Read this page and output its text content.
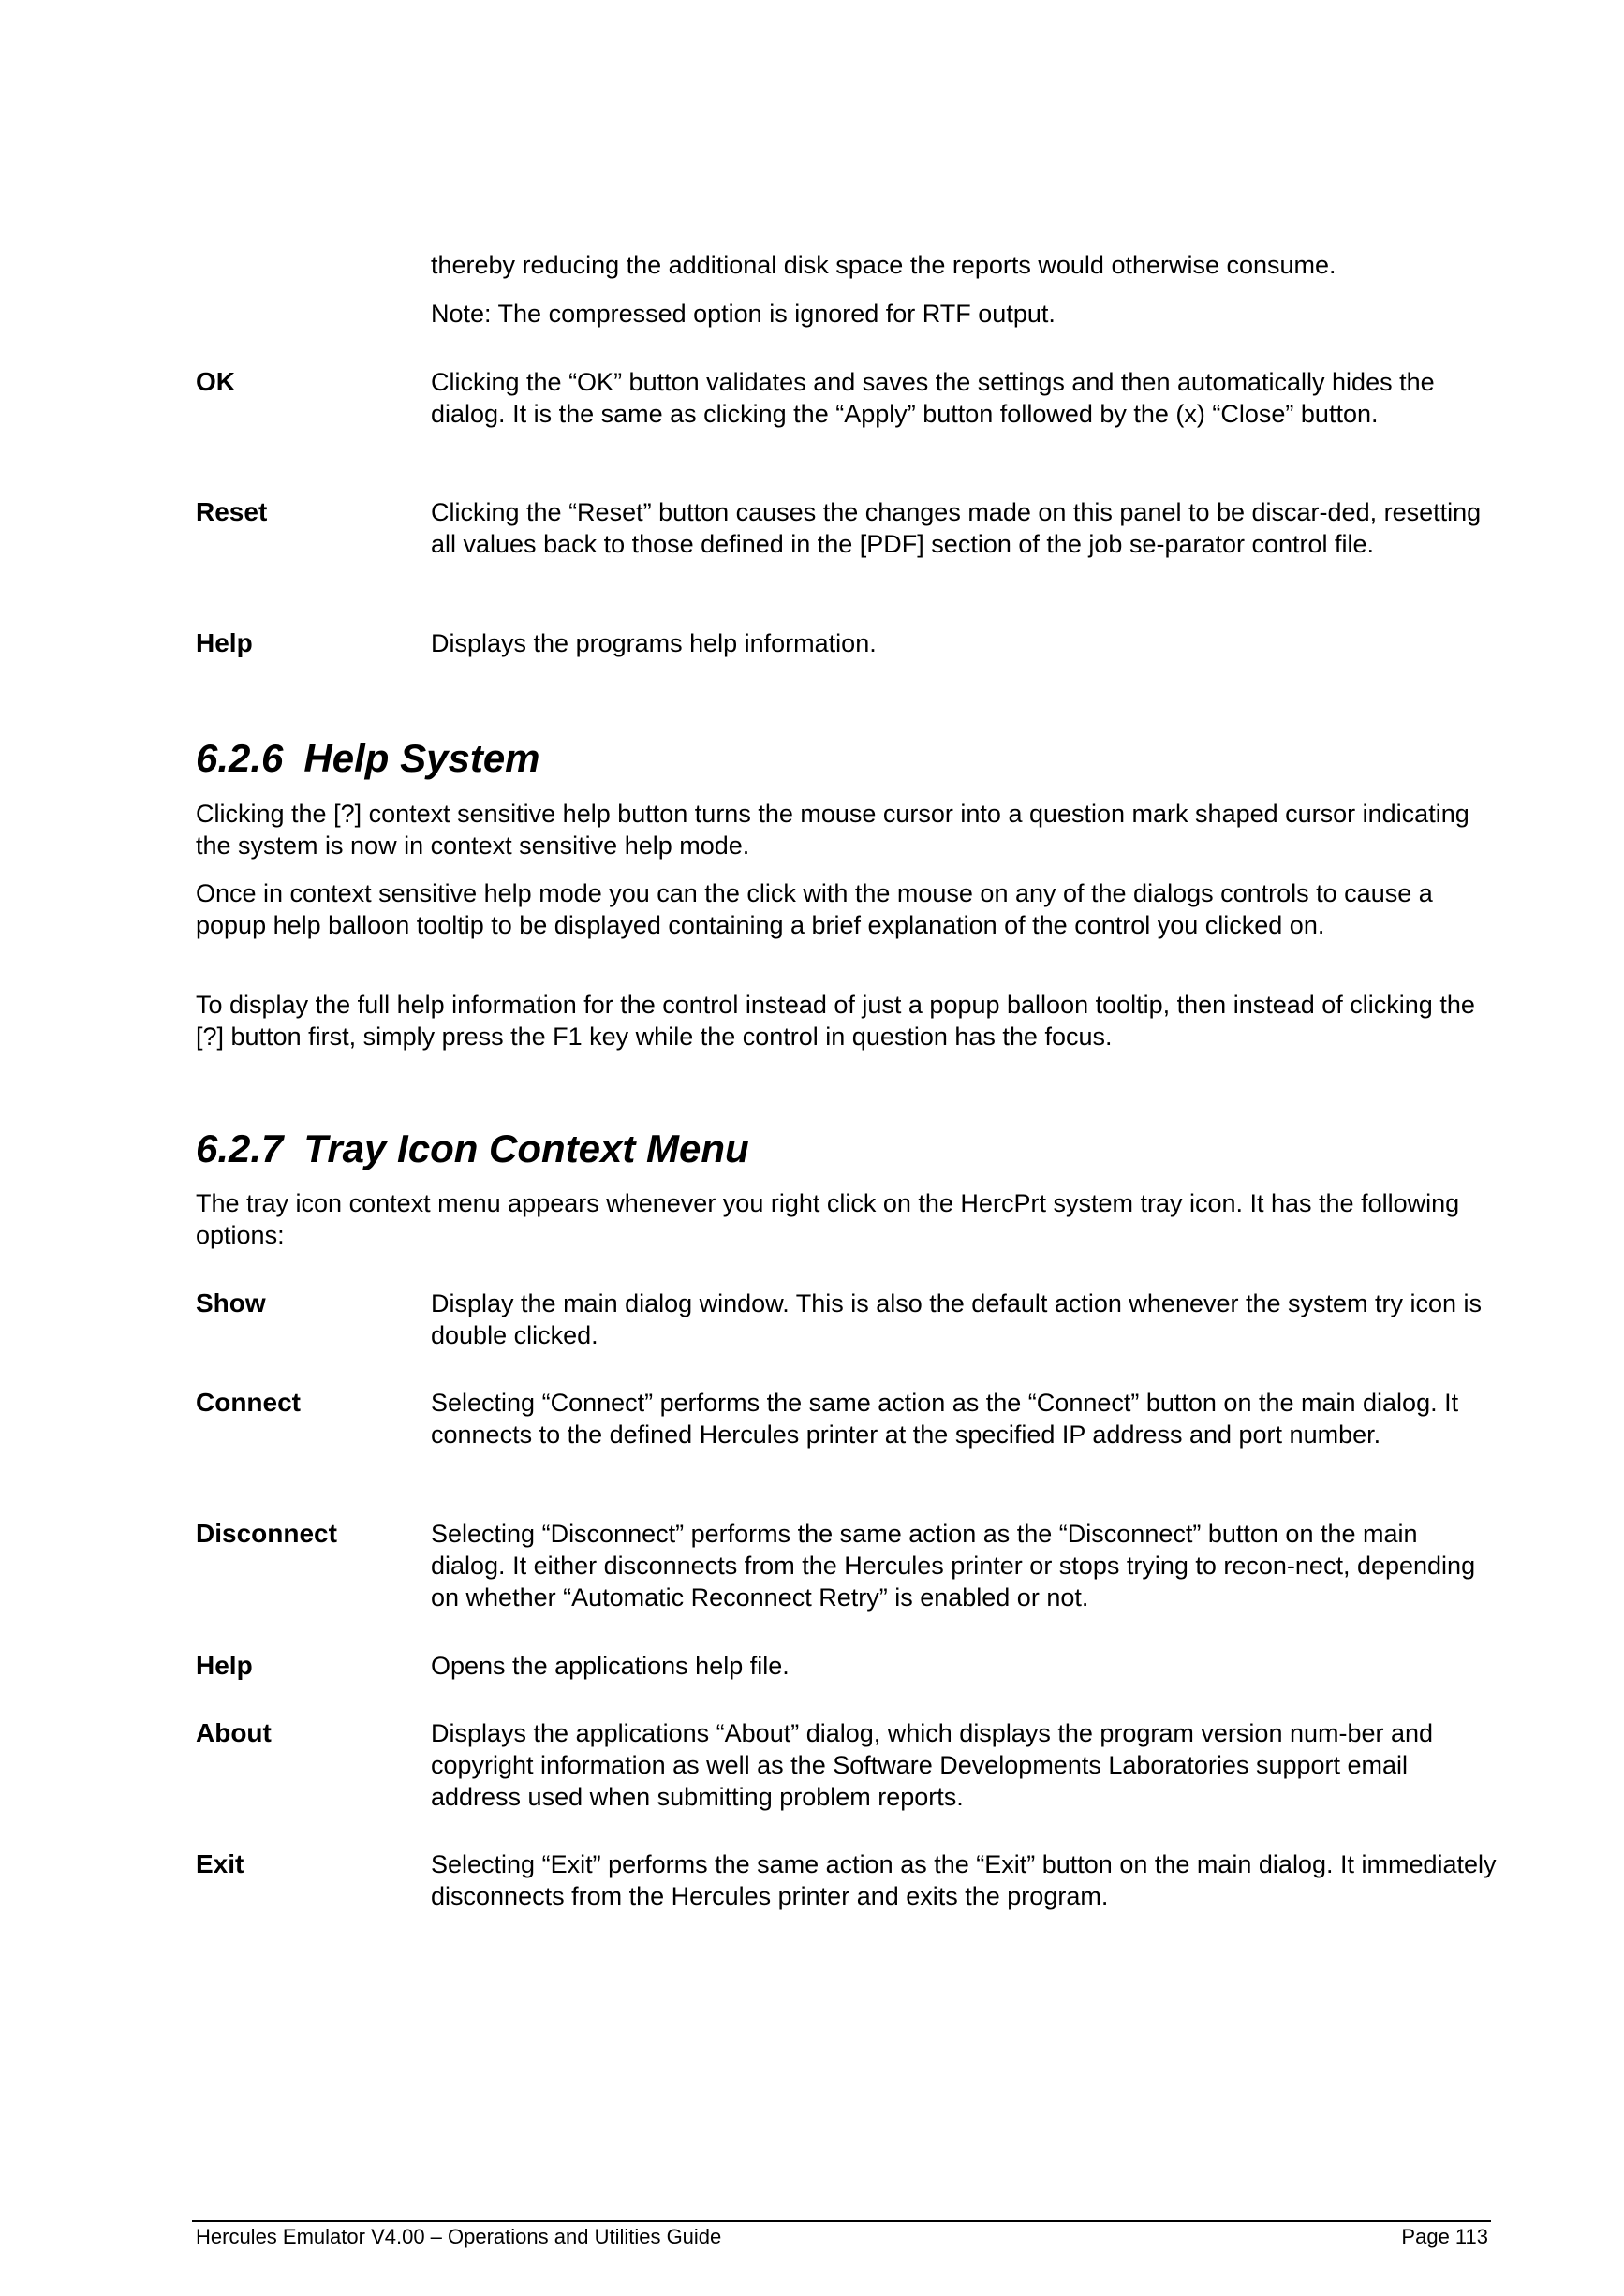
thereby reducing the additional disk space the reports would otherwise consume.

Note: The compressed option is ignored for RTF output.

OK	Clicking the “OK” button validates and saves the settings and then automatically hides the dialog. It is the same as clicking the “Apply” button followed by the (x) “Close” button.

Reset	Clicking the “Reset” button causes the changes made on this panel to be discar-ded, resetting all values back to those defined in the [PDF] section of the job se-parator control file.

Help	Displays the programs help information.

6.2.6 Help System

Clicking the [?] context sensitive help button turns the mouse cursor into a question mark shaped cursor indicating the system is now in context sensitive help mode.

Once in context sensitive help mode you can the click with the mouse on any of the dialogs controls to cause a popup help balloon tooltip to be displayed containing a brief explanation of the control you clicked on.

To display the full help information for the control instead of just a popup balloon tooltip, then instead of clicking the [?] button first, simply press the F1 key while the control in question has the focus.

6.2.7 Tray Icon Context Menu

The tray icon context menu appears whenever you right click on the HercPrt system tray icon. It has the following options:

Show	Display the main dialog window. This is also the default action whenever the system try icon is double clicked.

Connect	Selecting “Connect” performs the same action as the “Connect” button on the main dialog. It connects to the defined Hercules printer at the specified IP address and port number.

Disconnect	Selecting “Disconnect” performs the same action as the “Disconnect” button on the main dialog. It either disconnects from the Hercules printer or stops trying to recon-nect, depending on whether “Automatic Reconnect Retry” is enabled or not.

Help	Opens the applications help file.

About	Displays the applications “About” dialog, which displays the program version num-ber and copyright information as well as the Software Developments Laboratories support email address used when submitting problem reports.

Exit	Selecting “Exit” performs the same action as the “Exit” button on the main dialog. It immediately disconnects from the Hercules printer and exits the program.

Hercules Emulator V4.00 – Operations and Utilities Guide	Page 113
